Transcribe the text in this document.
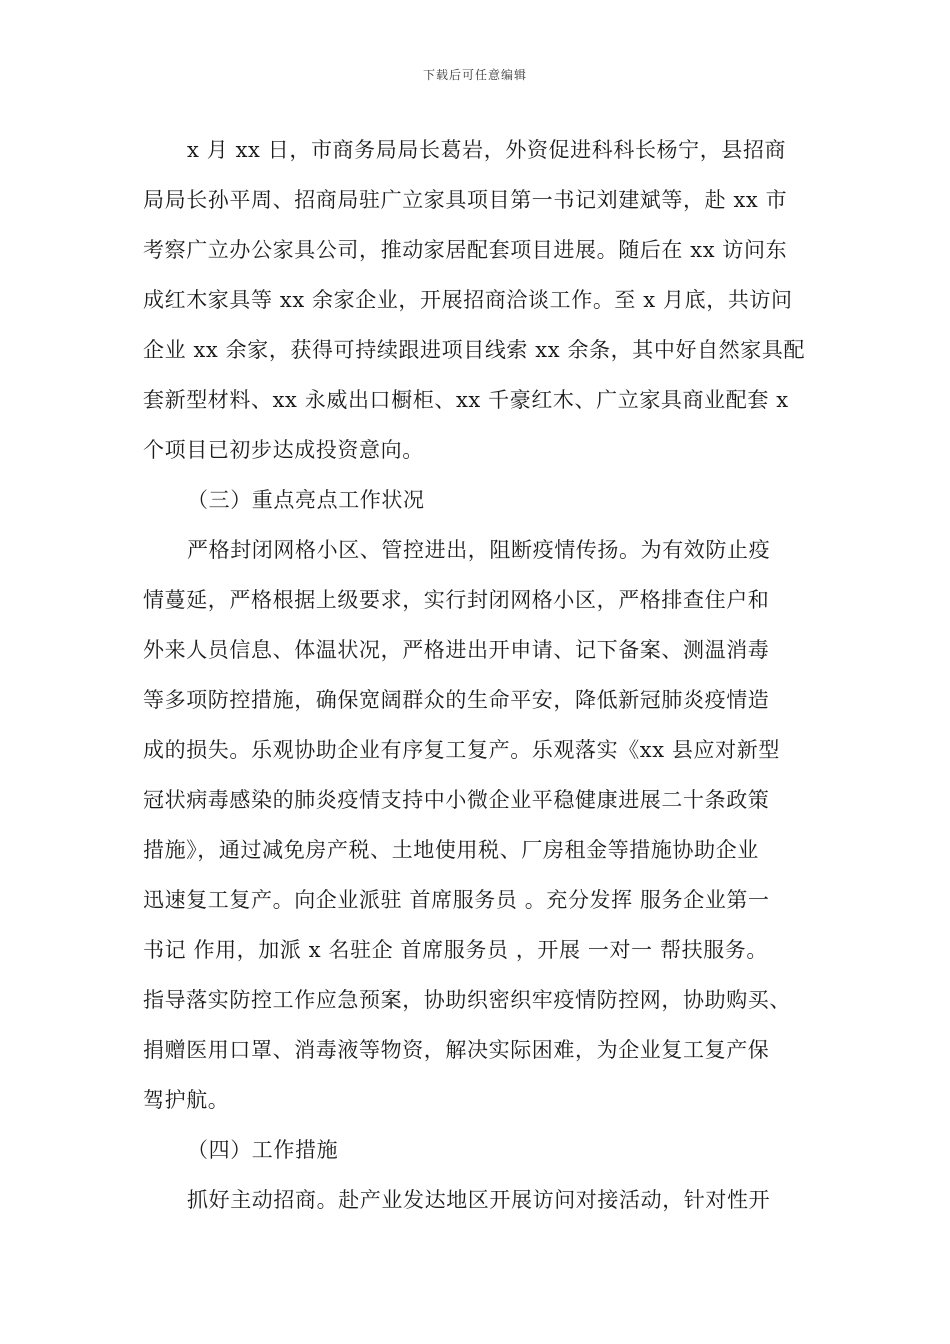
下载后可任意编辑
x 月 xx 日，市商务局局长葛岩，外资促进科科长杨宁，县招商
局局长孙平周、招商局驻广立家具项目第一书记刘建斌等，赴 xx 市
考察广立办公家具公司，推动家居配套项目进展。随后在 xx 访问东
成红木家具等 xx 余家企业，开展招商洽谈工作。至 x 月底，共访问
企业 xx 余家，获得可持续跟进项目线索 xx 余条，其中好自然家具配
套新型材料、xx 永威出口橱柜、xx 千豪红木、广立家具商业配套 x
个项目已初步达成投资意向。
（三）重点亮点工作状况
严格封闭网格小区、管控进出，阻断疫情传扬。为有效防止疫
情蔓延，严格根据上级要求，实行封闭网格小区，严格排查住户和
外来人员信息、体温状况，严格进出开申请、记下备案、测温消毒
等多项防控措施，确保宽阔群众的生命平安，降低新冠肺炎疫情造
成的损失。乐观协助企业有序复工复产。乐观落实《xx 县应对新型
冠状病毒感染的肺炎疫情支持中小微企业平稳健康进展二十条政策
措施》，通过减免房产税、土地使用税、厂房租金等措施协助企业
迅速复工复产。向企业派驻 首席服务员 。充分发挥 服务企业第一
书记 作用，加派 x 名驻企 首席服务员 ，开展 一对一 帮扶服务。
指导落实防控工作应急预案，协助织密织牢疫情防控网，协助购买、
捐赠医用口罩、消毒液等物资，解决实际困难，为企业复工复产保
驾护航。
（四）工作措施
抓好主动招商。赴产业发达地区开展访问对接活动，针对性开
